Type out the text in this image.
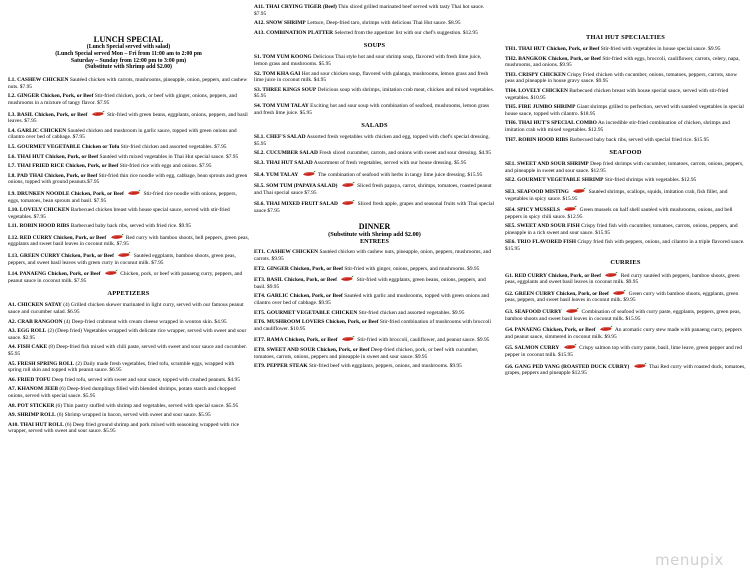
LUNCH SPECIAL
(Lunch Special served with salad)
(Lunch Special served Mon – Fri from 11:00 am to 2:00 pm
Saturday – Sunday from 12:00 pm to 3:00 pm)
(Substitute with Shrimp add $2.00)
L1. CASHEW CHICKEN Sautéed chicken with carrots, mushrooms, pineapple, onion, peppers, and cashew nuts. $7.95
L2. GINGER Chicken, Pork, or Beef Stir-fried chicken, pork, or beef with ginger, onions, peppers, and mushrooms in a mixture of tangy flavor. $7.95
L3. BASIL Chicken, Pork, or Beef	Stir-fried with green beans, eggplants, onions, peppers, and basil leaves. $7.95
L4. GARLIC CHICKEN Sautéed chicken and mushroom in garlic sauce, topped with green onions and cilantro over bed of cabbage. $7.95
L5. GOURMET VEGETABLE Chicken or Tofu Stir-fried chicken and assorted vegetables. $7.95
L6. THAI HUT Chicken, Pork, or Beef Sautéed with mixed vegetables in Thai Hut special sauce. $7.95
L7. THAI FRIED RICE Chicken, Pork, or Beef Stir-fried rice with eggs and onions. $7.95
L8. PAD THAI Chicken, Pork, or Beef Stir-fried thin rice noodle with egg, cabbage, bean sprouts and green onions, topped with ground peanuts.$7.95
L9. DRUNKEN NOODLE Chicken, Pork, or Beef	Stir-fried rice noodle with onions, peppers, eggs, tomatoes, bean sprouts and basil. $7.95
L10. LOVELY CHICKEN Barbecued chicken breast with house special sauce, served with stir-fried vegetables. $7.95
L11. ROBIN HOOD RIBS Barbecued baby back ribs, served with fried rice. $9.95
L12. RED CURRY Chicken, Pork, or Beef	Red curry with bamboo shoots, bell peppers, green peas, eggplants and sweet basil leaves in coconut milk. $7.95
L13. GREEN CURRY Chicken, Pork, or Beef	Sautéed eggplants, bamboo shoots, green peas, peppers, and sweet basil leaves with green curry in coconut milk. $7.95
L14. PANAENG Chicken, Pork, or Beef	Chicken, pork, or beef with panaeng curry, peppers, and peanut sauce in coconut milk. $7.95
APPETIZERS
A1. CHICKEN SATAY (4) Grilled chicken skewer marinated in light curry, served with our famous peanut sauce and cucumber salad. $6.95
A2. CRAB RANGOON (4) Deep-fried crabmeat with cream cheese wrapped in wonton skin. $4.95
A3. EGG ROLL (2) (Deep fried) Vegetables wrapped with delicate rice wrapper, served with sweet and sour sauce. $2.95
A4. FISH CAKE (8) Deep-fried fish mixed with chili paste, served with sweet and sour sauce and cucumber. $5.95
A5. FRESH SPRING ROLL (2) Daily made fresh vegetables, fried tofu, scramble eggs, wrapped with spring roll skin and topped with peanut sauce. $6.95
A6. FRIED TOFU Deep fried tofu, served with sweet and sour sauce, topped with crushed peanuts. $4.95
A7. KHANOM JEEB (6) Deep-fried dumplings filled with blended shrimps, potato starch and chopped onions, served with special sauce. $5.95
A8. POT STICKER (6) Thin pastry stuffed with shrimp and vegetables, served with special sauce. $5.95
A9. SHRIMP ROLL (6) Shrimp wrapped in bacon, served with sweet and sour sauce. $5.95
A10. THAI HUT ROLL (6) Deep fried ground shrimp and pork mixed with seasoning wrapped with rice wrapper, served with sweet and sour sauce. $5.95
A11. THAI CRYING TIGER (Beef) Thin sliced grilled marinated beef served with tasty Thai hot sauce. $7.95
A12. SNOW SHRIMP Lettuce, Deep-fried taro, shrimps with delicious Thai Hut sauce. $8.95
A13. COMBINATION PLATTER Selected from the appetizer list with our chef's suggestion. $12.95
SOUPS
S1. TOM YUM KOONG Delicious Thai style hot and sour shrimp soup, flavored with fresh lime juice, lemon grass and mushrooms. $5.95
S2. TOM KHA GAI Hot and sour chicken soup, flavored with galanga, mushrooms, lemon grass and fresh lime juice in coconut milk. $4.95
S3. THREE KINGS SOUP Delicious soup with shrimps, imitation crab meat, chicken and mixed vegetables. $5.95
S4. TOM YUM TALAY Exciting hot and sour soup with combination of seafood, mushrooms, lemon grass and fresh lime juice. $5.95
SALADS
SL1. CHEF'S SALAD Assorted fresh vegetables with chicken and egg, topped with chef's special dressing. $5.95
SL2. CUCUMBER SALAD Fresh sliced cucumber, carrots, and onions with sweet and sour dressing. $4.95
SL3. THAI HUT SALAD Assortment of fresh vegetables, served with our house dressing. $5.95
SL4. YUM TALAY	The combination of seafood with herbs in tangy lime juice dressing. $15.95
SL5. SOM TUM (PAPAYA SALAD)	Sliced fresh papaya, carrot, shrimps, tomatoes, roasted peanut and Thai special sauce $7.95
SL6. THAI MIXED FRUIT SALAD	Sliced fresh apple, grapes and seasonal fruits with Thai special sauce $7.95
DINNER
(Substitute with Shrimp add $2.00)
ENTREES
ET1. CASHEW CHICKEN Sautéed chicken with cashew nuts, pineapple, onion, peppers, mushrooms, and carrots. $9.95
ET2. GINGER Chicken, Pork, or Beef Stir-fried with ginger, onions, peppers, and mushrooms. $9.95
ET3. BASIL Chicken, Pork, or Beef	Stir-fried with eggplants, green beans, onions, peppers, and basil. $9.95
ET4. GARLIC Chicken, Pork, or Beef Sautéed with garlic and mushrooms, topped with green onions and cilantro over bed of cabbage. $9.95
ET5. GOURMET VEGETABLE CHICKEN Stir-fried chicken and assorted vegetables. $9.95
ET6. MUSHROOM LOVERS Chicken, Pork, or Beef Stir-fried combination of mushrooms with broccoli and cauliflower. $10.95
ET7. RAMA Chicken, Pork, or Beef	Stir-fried with broccoli, cauliflower, and peanut sauce. $9.95
ET8. SWEET AND SOUR Chicken, Pork, or Beef Deep-fried chicken, pork, or beef with cucumber, tomatoes, carrots, onions, peppers and pineapple in sweet and sour sauce. $9.95
ET9. PEPPER STEAK Stir-fried beef with eggplants, peppers, onions, and mushrooms. $9.95
THAI HUT SPECIALTIES
TH1. THAI HUT Chicken, Pork, or Beef Stir-fried with vegetables in house special sauce. $9.95
TH2. BANGKOK Chicken, Pork, or Beef Stir-fried with eggs, broccoli, cauliflower, carrots, celery, napa, mushrooms, and onions. $9.95
TH3. CRISPY CHICKEN Crispy Fried chicken with cucumber, onions, tomatoes, peppers, carrots, snow peas and pineapple in house gravy sauce. $9.95
TH4. LOVELY CHICKEN Barbecued chicken breast with house special sauce, served with stir-fried vegetables. $10.95
TH5. FIRE JUMBO SHRIMP Giant shrimps grilled to perfection, served with sautéed vegetables in special house sauce, topped with cilantro. $18.95
TH6. THAI HUT'S SPECIAL COMBO An incredible stir-fried combination of chicken, shrimps and imitation crab with mixed vegetables. $12.95
TH7. ROBIN HOOD RIBS Barbecued baby back ribs, served with special fried rice. $15.95
SEAFOOD
SE1. SWEET AND SOUR SHRIMP Deep fried shrimps with cucumber, tomatoes, carrots, onions, peppers, and pineapple in sweet and sour sauce. $12.95
SE2. GOURMET VEGETABLE SHRIMP Stir-fried shrimps with vegetables. $12.95
SE3. SEAFOOD MISTING	Sautéed shrimps, scallops, squids, imitation crab, fish fillet, and vegetables in spicy sauce. $15.95
SE4. SPICY MUSSELS	Green mussels on half shell sautéed with mushrooms, onions, and bell peppers in spicy chili sauce. $12.95
SE5. SWEET AND SOUR FISH Crispy fried fish with cucumber, tomatoes, carrots, onions, peppers, and pineapple in a rich sweet and sour sauce. $15.95
SE6. TRIO FLAVORED FISH Crispy fried fish with peppers, onions, and cilantro in a triple flavored sauce. $15.95
CURRIES
G1. RED CURRY Chicken, Pork, or Beef	Red curry sautéed with peppers, bamboo shoots, green peas, eggplants and sweet basil leaves in coconut milk. $9.95
G2. GREEN CURRY Chicken, Pork, or Beef	Green curry with bamboo shoots, eggplants, green peas, peppers, and sweet basil leaves in coconut milk. $9.95
G3. SEAFOOD CURRY	Combination of seafood with curry paste, eggplants, peppers, green peas, bamboo shoots and sweet basil leaves in coconut milk. $15.95
G4. PANAENG Chicken, Pork, or Beef	An aromatic curry stew made with panaeng curry, peppers and peanut sauce, simmered in coconut milk. $9.95
G5. SALMON CURRY	Crispy salmon top with curry paste, basil, lime leave, green pepper and red pepper in coconut milk. $15.95
G6. GANG PED YANG (ROASTED DUCK CURRY)	Thai Red curry with roasted duck, tomatoes, grapes, peppers and pineapple $12.95
menupix
